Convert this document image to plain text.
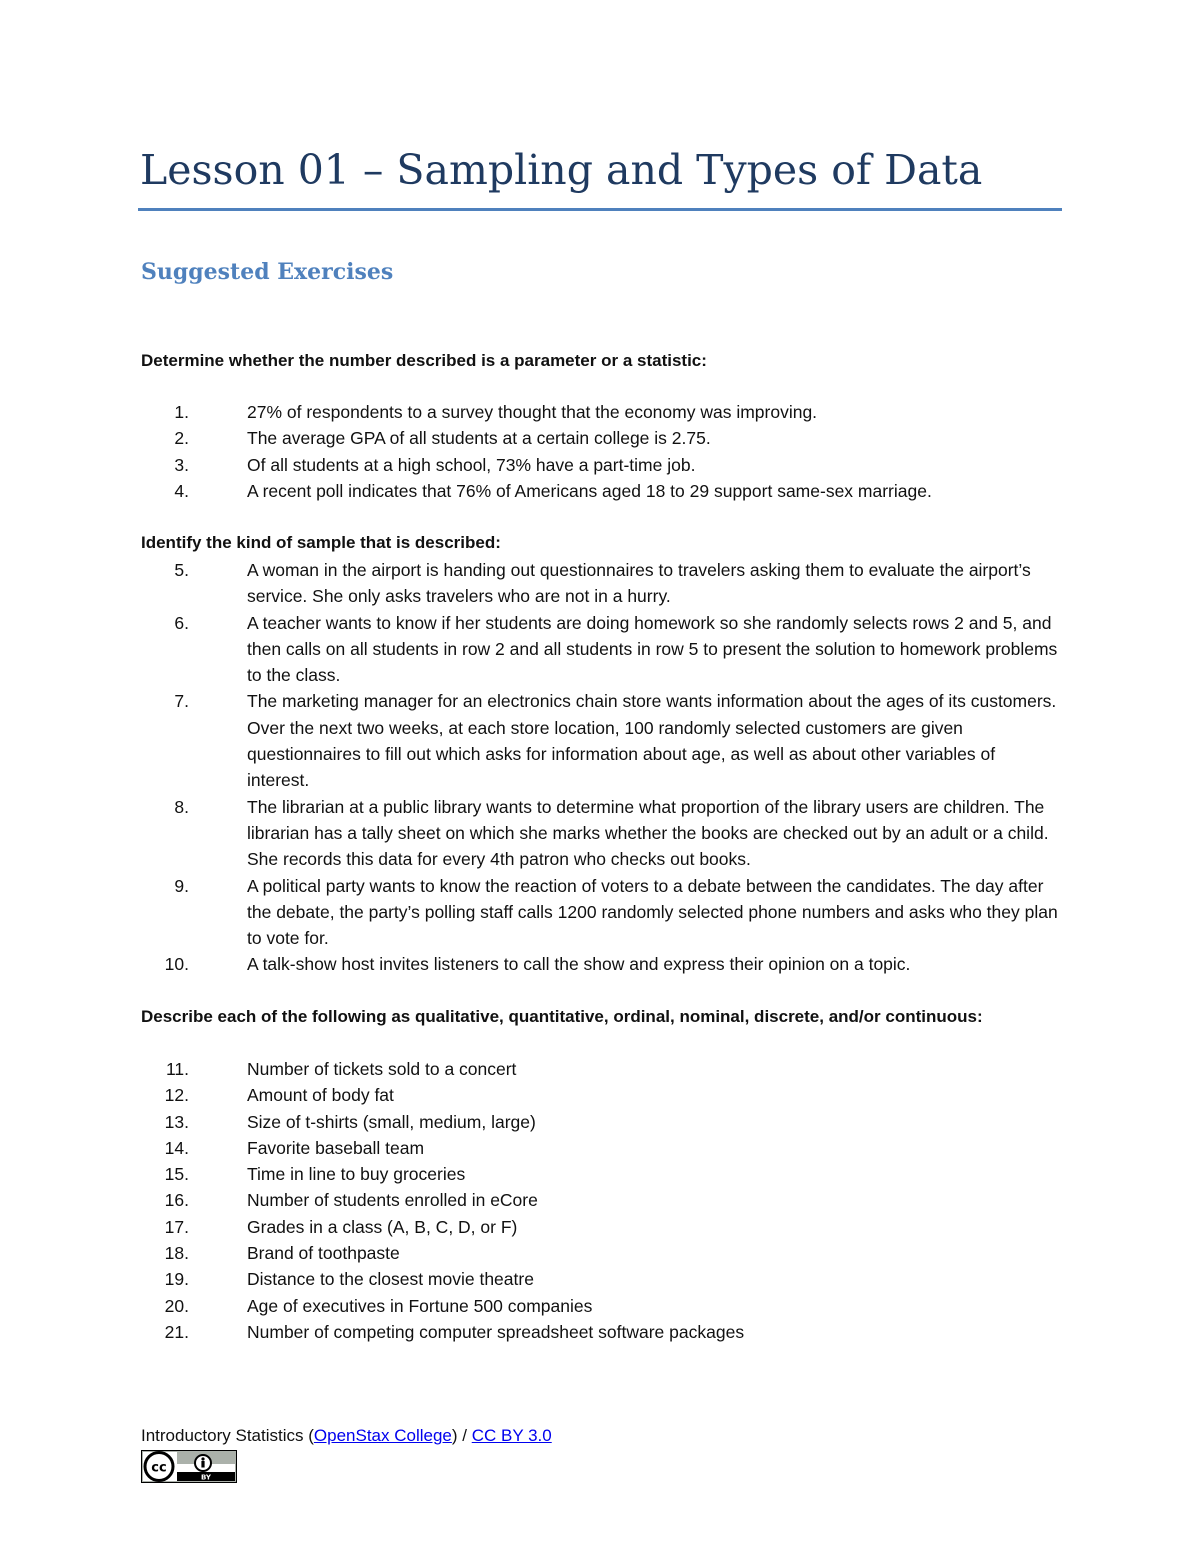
Lesson 01 – Sampling and Types of Data
Suggested Exercises
Determine whether the number described is a parameter or a statistic:
1.	27% of respondents to a survey thought that the economy was improving.
2.	The average GPA of all students at a certain college is 2.75.
3.	Of all students at a high school, 73% have a part-time job.
4.	A recent poll indicates that 76% of Americans aged 18 to 29 support same-sex marriage.
Identify the kind of sample that is described:
5.	A woman in the airport is handing out questionnaires to travelers asking them to evaluate the airport’s service. She only asks travelers who are not in a hurry.
6.	A teacher wants to know if her students are doing homework so she randomly selects rows 2 and 5, and then calls on all students in row 2 and all students in row 5 to present the solution to homework problems to the class.
7.	The marketing manager for an electronics chain store wants information about the ages of its customers. Over the next two weeks, at each store location, 100 randomly selected customers are given questionnaires to fill out which asks for information about age, as well as about other variables of interest.
8.	The librarian at a public library wants to determine what proportion of the library users are children. The librarian has a tally sheet on which she marks whether the books are checked out by an adult or a child. She records this data for every 4th patron who checks out books.
9.	A political party wants to know the reaction of voters to a debate between the candidates. The day after the debate, the party’s polling staff calls 1200 randomly selected phone numbers and asks who they plan to vote for.
10.	A talk-show host invites listeners to call the show and express their opinion on a topic.
Describe each of the following as qualitative, quantitative, ordinal, nominal, discrete, and/or continuous:
11.	Number of tickets sold to a concert
12.	Amount of body fat
13.	Size of t-shirts (small, medium, large)
14.	Favorite baseball team
15.	Time in line to buy groceries
16.	Number of students enrolled in eCore
17.	Grades in a class (A, B, C, D, or F)
18.	Brand of toothpaste
19.	Distance to the closest movie theatre
20.	Age of executives in Fortune 500 companies
21.	Number of competing computer spreadsheet software packages
Introductory Statistics (OpenStax College) / CC BY 3.0
cc
BY
